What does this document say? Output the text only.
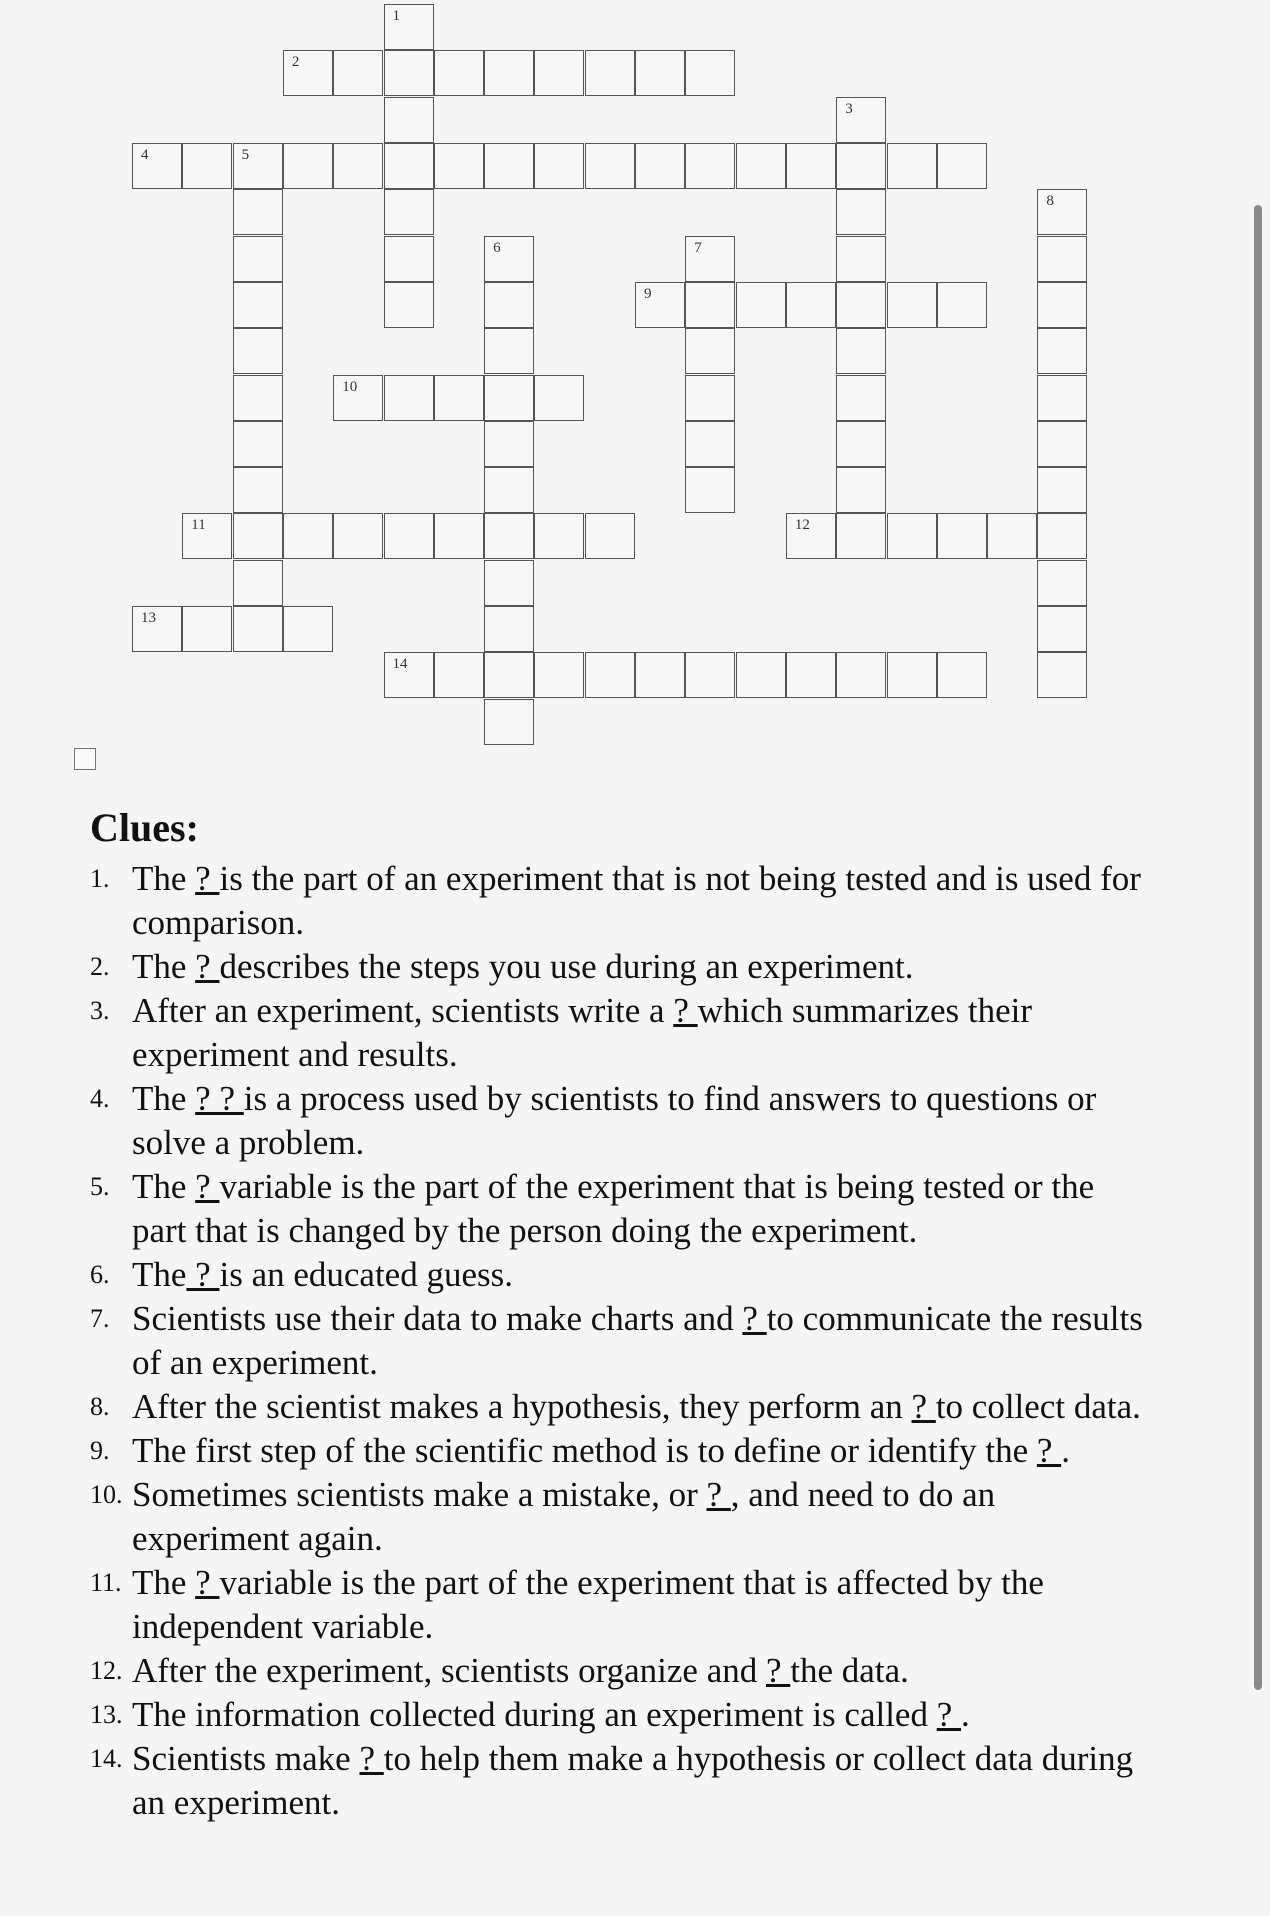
2
1
3
4	5
8
6	7
9
10
11	12
13
14
Clues:
1. The ? is the part of an experiment that is not being tested and is used for comparison.
2. The ? describes the steps you use during an experiment.
3. After an experiment, scientists write a ? which summarizes their experiment and results.
4. The ? ? is a process used by scientists to find answers to questions or solve a problem.
5. The ? variable is the part of the experiment that is being tested or the part that is changed by the person doing the experiment.
6. The ? is an educated guess.
7. Scientists use their data to make charts and ? to communicate the results of an experiment.
8. After the scientist makes a hypothesis, they perform an ? to collect data.
9. The first step of the scientific method is to define or identify the ? .
10. Sometimes scientists make a mistake, or ? , and need to do an experiment again.
11. The ? variable is the part of the experiment that is affected by the independent variable.
12. After the experiment, scientists organize and ? the data.
13. The information collected during an experiment is called ? .
14. Scientists make ? to help them make a hypothesis or collect data during an experiment.
